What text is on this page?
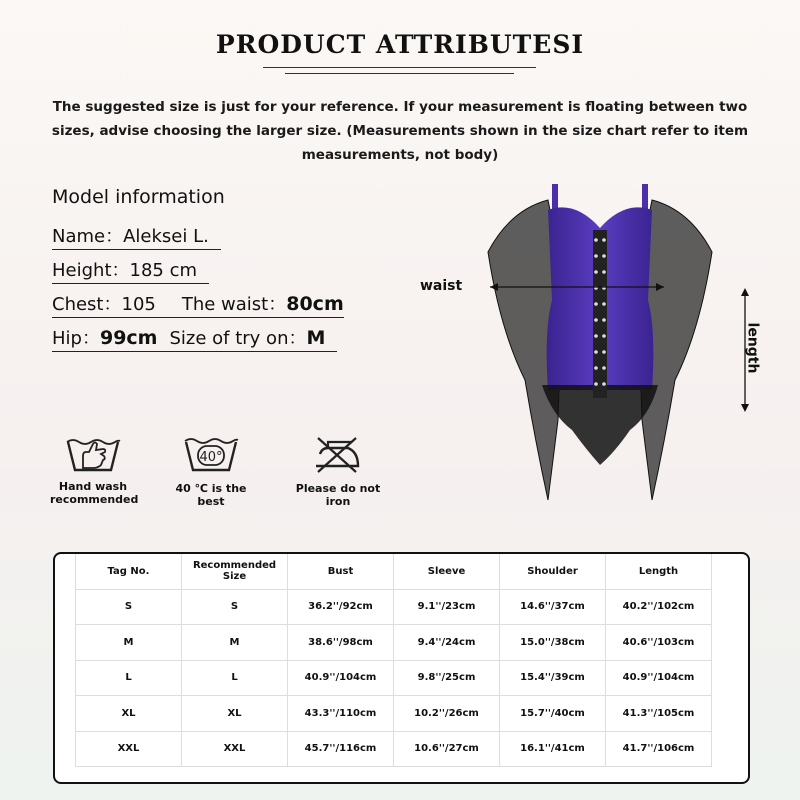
PRODUCT ATTRIBUTESI
The suggested size is just for your reference. If your measurement is floating between two sizes, advise choosing the larger size. (Measurements shown in the size chart refer to item measurements, not body)
Model information
Name：Aleksei L.
Height：185 cm
Chest：105 The waist：80cm
Hip：99cm Size of try on：M
Hand wash
recommended
40°
40 ℃ is the best
Please do not iron
waist
length
Tag No.	Recommended Size	Bust	Sleeve	Shoulder	Length
S	S	36.2''/92cm	9.1''/23cm	14.6''/37cm	40.2''/102cm
M	M	38.6''/98cm	9.4''/24cm	15.0''/38cm	40.6''/103cm
L	L	40.9''/104cm	9.8''/25cm	15.4''/39cm	40.9''/104cm
XL	XL	43.3''/110cm	10.2''/26cm	15.7''/40cm	41.3''/105cm
XXL	XXL	45.7''/116cm	10.6''/27cm	16.1''/41cm	41.7''/106cm
